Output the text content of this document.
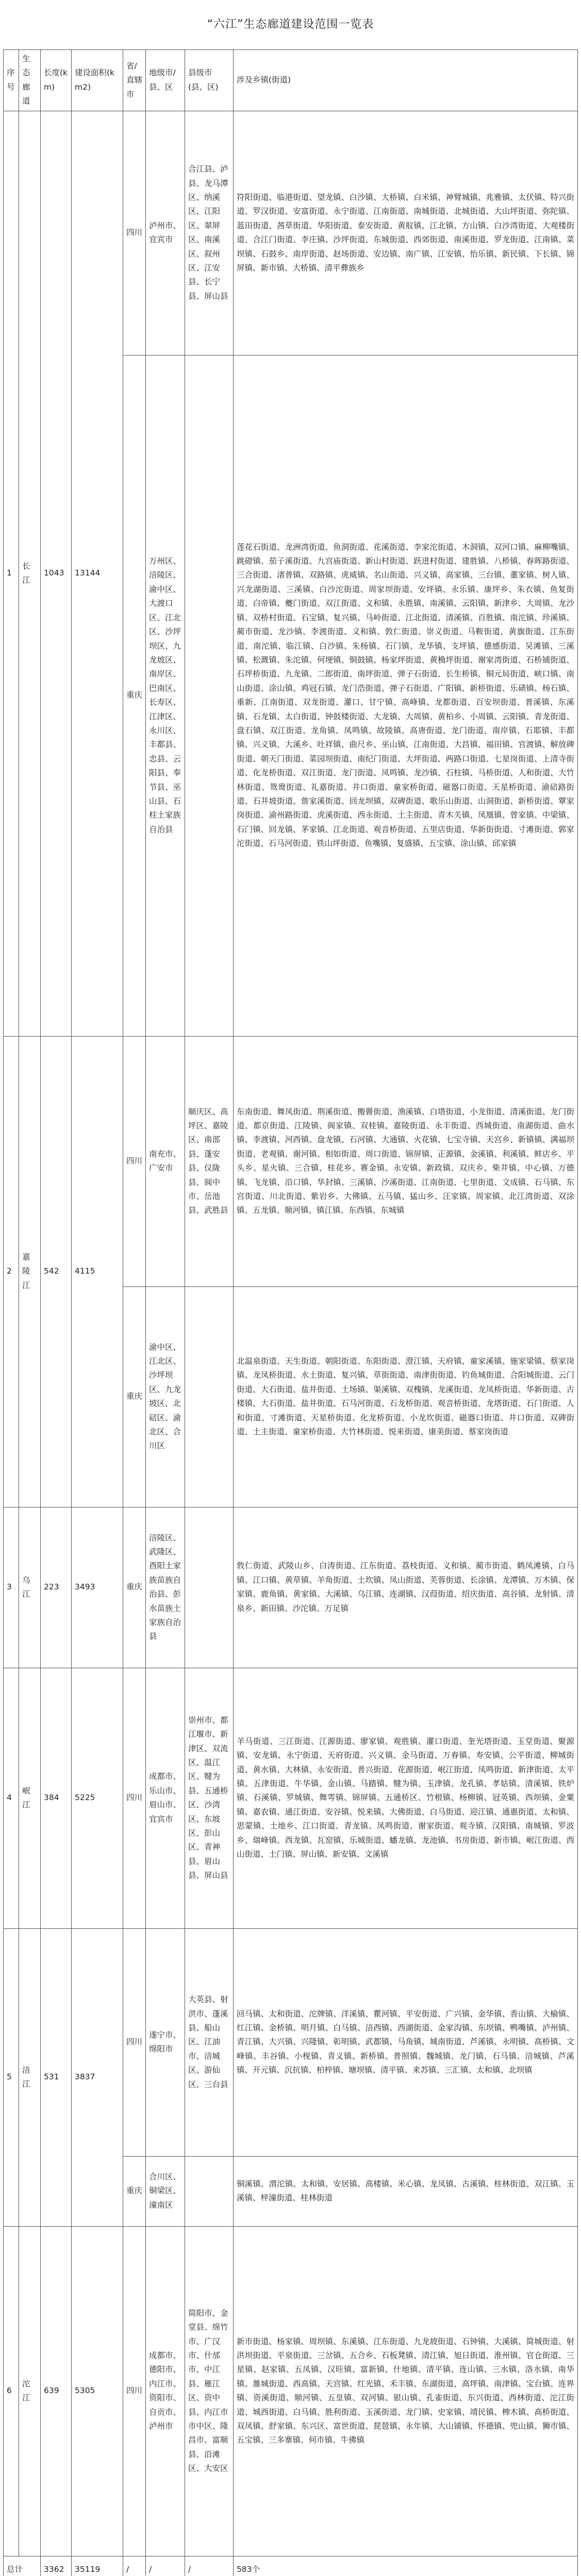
“六江”生态廊道建设范围一览表
序号	生态廊道	长度(km)	建设面积(km2)	省/直辖市	地级市/县、区	县级市(县、区)	涉及乡镇(街道)
1	长江	1043	13144	四川	泸州市、宜宾市	合江县、泸县、龙马潭区、纳溪区、江阳区、翠屏区、南溪区、叙州区、江安县、长宁县、屏山县	符阳街道、临港街道、望龙镇、白沙镇、大桥镇、白米镇、神臂城镇、兆雅镇、太伏镇、特兴街道、罗汉街道、安富街道、永宁街道、江南街道、南城街道、北城街道、大山坪街道、弥陀镇、蓝田街道、茜草街道、华阳街道、泰安街道、黄舣镇、江北镇、方山镇、白沙湾街道、大观楼街道、合江门街道、李庄镇、沙坪街道、东城街道、西郊街道、南溪街道、罗龙街道、江南镇、菜坝镇、石鼓乡、南岸街道、赵场街道、安边镇、南广镇、江安镇、怡乐镇、新民镇、下长镇、锦屏镇、新市镇、大桥镇、清平彝族乡
				重庆	万州区、涪陵区、渝中区、大渡口区、江北区、沙坪坝区、九龙坡区、南岸区、巴南区、长寿区、江津区、永川区、丰都县、忠县、云阳县、奉节县、巫山县、石柱土家族自治县		莲花石街道、龙洲湾街道、鱼洞街道、花溪街道、李家沱街道、木洞镇、双河口镇、麻柳嘴镇、跳磴镇、茄子溪街道、九宫庙街道、新山村街道、跃进村街道、建胜镇、八桥镇、春晖路街道、三合街道、渚普镇、双路镇、虎威镇、名山街道、兴义镇、高家镇、三台镇、董家镇、树人镇、兴龙湖街道、三溪镇、白沙沱街道、周家坝街道、安坪镇、永乐镇、康坪乡、朱衣镇、鱼复街道、白帝镇、夔门街道、双江街道、义和镇、永胜镇、南溪镇、云阳镇、新津乡、大周镇、龙沙镇、双桥村街道、石宝镇、复兴镇、马岭街道、江北街道、清溪镇、百胜镇、南沱镇、珍溪镇、蔺市街道、龙沙镇、李渡街道、义和镇、敦仁街道、崇义街道、马鞍街道、黄旗街道、江东街道、南沱镇、临江镇、白沙镇、朱杨镇、石门镇、龙华镇、支坪镇、德感街道、吴滩镇、三溪镇、松溉镇、朱沱镇、何埂镇、铜鼓镇、杨家坪街道、黄桷坪街道、谢家湾街道、石桥铺街道、石坪桥街道、九龙镇、二郎街道、南坪街道、弹子石街道、长生桥镇、铜元局街道、峡口镇、南山街道、涂山镇、鸡冠石镇、龙门浩街道、弹子石街道、广阳镇、新桥街道、乐碛镇、杨石镇、重新、江南街道、双龙街道、灌口、甘宁镇、高峰镇、龙都街道、百安坝街道、普溪镇、东溪镇、石龙镇、太白街道、钟鼓楼街道、大龙镇、大周镇、黄柏乡、小周镇、云阳镇、青龙街道、盘石镇、双江街道、龙角镇、凤鸣镇、故陵镇、高唐街道、龙门街道、南岸镇、石耶镇、丰都镇、兴义镇、大溪乡、吐祥镇、曲尺乡、巫山镇、江南街道、大昌镇、福田镇、官渡镇、解放碑街道、朝天门街道、菜园坝街道、南纪门街道、大坪街道、两路口街道、七星岗街道、上清寺街道、化龙桥街道、双江街道、龙门街道、凤鸣镇、龙沙镇、石柱镇、马桥街道、人和街道、大竹林街道、鸳鸯街道、礼嘉街道、井口街道、童家桥街道、磁器口街道、天星桥街道、渝碚路街道、石井坡街道、詹家溪街道、回龙坝镇、双碑街道、歌乐山街道、山洞街道、新桥街道、覃家岗街道、渝州路街道、虎溪街道、西永街道、土主街道、青木关镇、凤凰镇、曾家镇、中梁镇、石门镇、回龙镇、茅家镇、江北街道、观音桥街道、五里店街道、华新街街道、寸滩街道、郭家沱街道、石马河街道、铁山坪街道、鱼嘴镇、复盛镇、五宝镇、涂山镇、邱家镇
2	嘉陵江	542	4115	四川	南充市、广安市	顺庆区、高坪区、嘉陵区、南部县、蓬安县、仪陇县、阆中市、岳池县、武胜县	东南街道、舞凤街道、荆溪街道、搬罾街道、渔溪镇、白塔街道、小龙街道、清溪街道、龙门街道、都京街道、江陵镇、阆家镇、双桂镇、嘉陵街道、永丰街道、西城街道、南湖街道、曲水镇、李渡镇、河西镇、盘龙镇、石河镇、大通镇、火花镇、七宝寺镇、天宫乡、新镇镇、满福坝街道、老观镇、谢河镇、相如街道、周口街道、锦屏镇、正源镇、金溪镇、利溪镇、鲜店乡、平头乡、星火镇、三合镇、桂花乡、赛金镇、永安镇、新政镇、双庆乡、柴井镇、中心镇、万德镇、飞龙镇、沿口镇、华封镇、三溪镇、沙溪街道、江南街道、七里街道、文成镇、石马镇、东宫街道、川北街道、紫岩乡、大佛镇、五马镇、猛山乡、汪家镇、周家镇、北江湾街道、双涂镇、五龙镇、顺河镇、镇江镇、东西镇、东城镇
				重庆	渝中区、江北区、沙坪坝区、九龙坡区、北碚区、渝北区、合川区		北温泉街道、天生街道、朝阳街道、东阳街道、澄江镇、天府镇、童家溪镇、施家梁镇、蔡家岗镇、龙凤桥街道、水土街道、复兴镇、草街街道、南津街街道、钓鱼城街道、合阳城街道、云门街道、大石街道、盐井街道、土场镇、渠溪镇、双槐镇、龙溪街道、龙凤桥街道、华新街道、古楼镇、大石街道、盐井街道、石马河街道、石龙桥街道、观音桥街道、龙塔街道、石门街道、人和街道、寸滩街道、天星桥街道、化龙桥街道、小龙坎街道、磁器口街道、井口街道、双碑街道、土主街道、童家桥街道、大竹林街道、悦来街道、康美街道、蔡家岗街道
3	乌江	223	3493	重庆	涪陵区、武隆区、酉阳土家族苗族自治县、彭水苗族土家族自治县		敦仁街道、武陵山乡、白涛街道、江东街道、荔枝街道、义和镇、蔺市街道、鹤凤滩镇、白马镇、江口镇、黄草镇、羊角街道、土坎镇、凤山街道、芙蓉街道、长涂镇、龙潭镇、万木镇、保家镇、鹿角镇、黄家镇、大溪镇、乌江镇、连湖镇、汉葭街道、绍庆街道、高谷镇、龙射镇、清泉乡、新田镇、沙沱镇、万足镇
4	岷江	384	5225	四川	成都市、乐山市、眉山市、宜宾市	崇州市、都江堰市、新津区、双流区、温江区、犍为县、五通桥区、沙湾区、东坡区、彭山区、青神县、眉山县、屏山县	羊马街道、三江街道、江源街道、廖家镇、观胜镇、灌口街道、奎光塔街道、玉堂街道、聚源镇、安龙镇、永宁街道、天府街道、兴义镇、金马街道、万春镇、寿安镇、公平街道、柳城街道、黄水镇、大林镇、永安街道、普兴街道、花源街道、岷江街道、凤鸣街道、新津街道、太平镇、五津街道、牛华镇、金山镇、马踏镇、犍为镇、玉津镇、龙孔镇、孝姑镇、清溪镇、铁炉镇、石溪镇、罗城镇、舞雩镇、锦屏镇、五通桥区、竹根镇、杨柳镇、冠英镇、西坝镇、金粟镇、嘉农镇、通江街道、安谷镇、悦来镇、大佛街道、白马街道、迎江镇、通惠街道、太和镇、思蒙镇、土地乡、江口街道、青龙镇、凤鸣街道、谢家街道、观寺镇、汉阳镇、南城镇、罗波乡、瑞峰镇、西龙镇、瓦窑镇、乐城街道、蟠龙镇、龙池镇、书房街道、新市镇、岷江街道、西山街道、土门镇、屏山镇、新安镇、文溪镇
5	涪江	531	3837	四川	遂宁市、绵阳市	大英县、射洪市、蓬溪县、船山区、江油市、涪城区、游仙区、三台县	回马镇、太和街道、沱牌镇、洋溪镇、瞿河镇、平安街道、广兴镇、金华镇、香山镇、大榆镇、红江镇、金桥镇、明月镇、白马镇、涪西镇、西湖街道、金家沟镇、东坝镇、鸭嘴镇、泸州镇、青江镇、大兴镇、兴隆镇、彰明镇、武都镇、马角镇、城南街道、芦溪镇、永明镇、高桥镇、文峰镇、丰谷镇、小枧镇、青义镇、新桥镇、普照镇、魏城镇、龙门镇、石马镇、涪城镇、芦溪镇、开元镇、沉抗镇、柏梓镇、塘坝镇、清平镇、来苏镇、三汇镇、太和镇、北坝镇
				重庆	合川区、铜梁区、潼南区		铜溪镇、渭沱镇、太和镇、安居镇、高楼镇、米心镇、龙凤镇、古溪镇、桂林街道、双江镇、玉溪镇、梓潼街道、桂林街道
6	沱江	639	5305	四川	成都市、德阳市、内江市、资阳市、自贡市、泸州市	简阳市、金堂县、绵竹市、广汉市、什邡市、中江县、雁江区、资中县、内江市市中区、隆昌市、富顺县、沿滩区、大安区	新市街道、杨家镇、周坝镇、东溪镇、江东街道、九龙坡街道、石钟镇、大溪镇、简城街道、射洪坝街道、平泉街道、三岔镇、五合乡、石板凳镇、清江镇、旭日街道、淮州镇、官仓街道、三星镇、赵家镇、五凤镇、汉旺镇、富新镇、什地镇、清平镇、连山镇、三水镇、洛水镇、南华镇、雒城街道、西高镇、天宫镇、红光镇、禾丰镇、东湖街道、高坪镇、南津镇、宝台镇、连界镇、资溪街道、顺河镇、五皇镇、双河镇、银山镇、孔雀街道、东兴街道、西林街道、沱江街道、城西街道、白马镇、胜利街道、玉溪街道、龙门镇、史家镇、靖民镇、椑木镇、高桥街道、双凤镇、舒家镇、东兴区、富世街道、琵琶镇、永年镇、大山铺镇、怀德镇、兜山镇、狮市镇、五宝镇、三多寨镇、何市镇、牛佛镇
总计		3362	35119	/	/	/	583个
